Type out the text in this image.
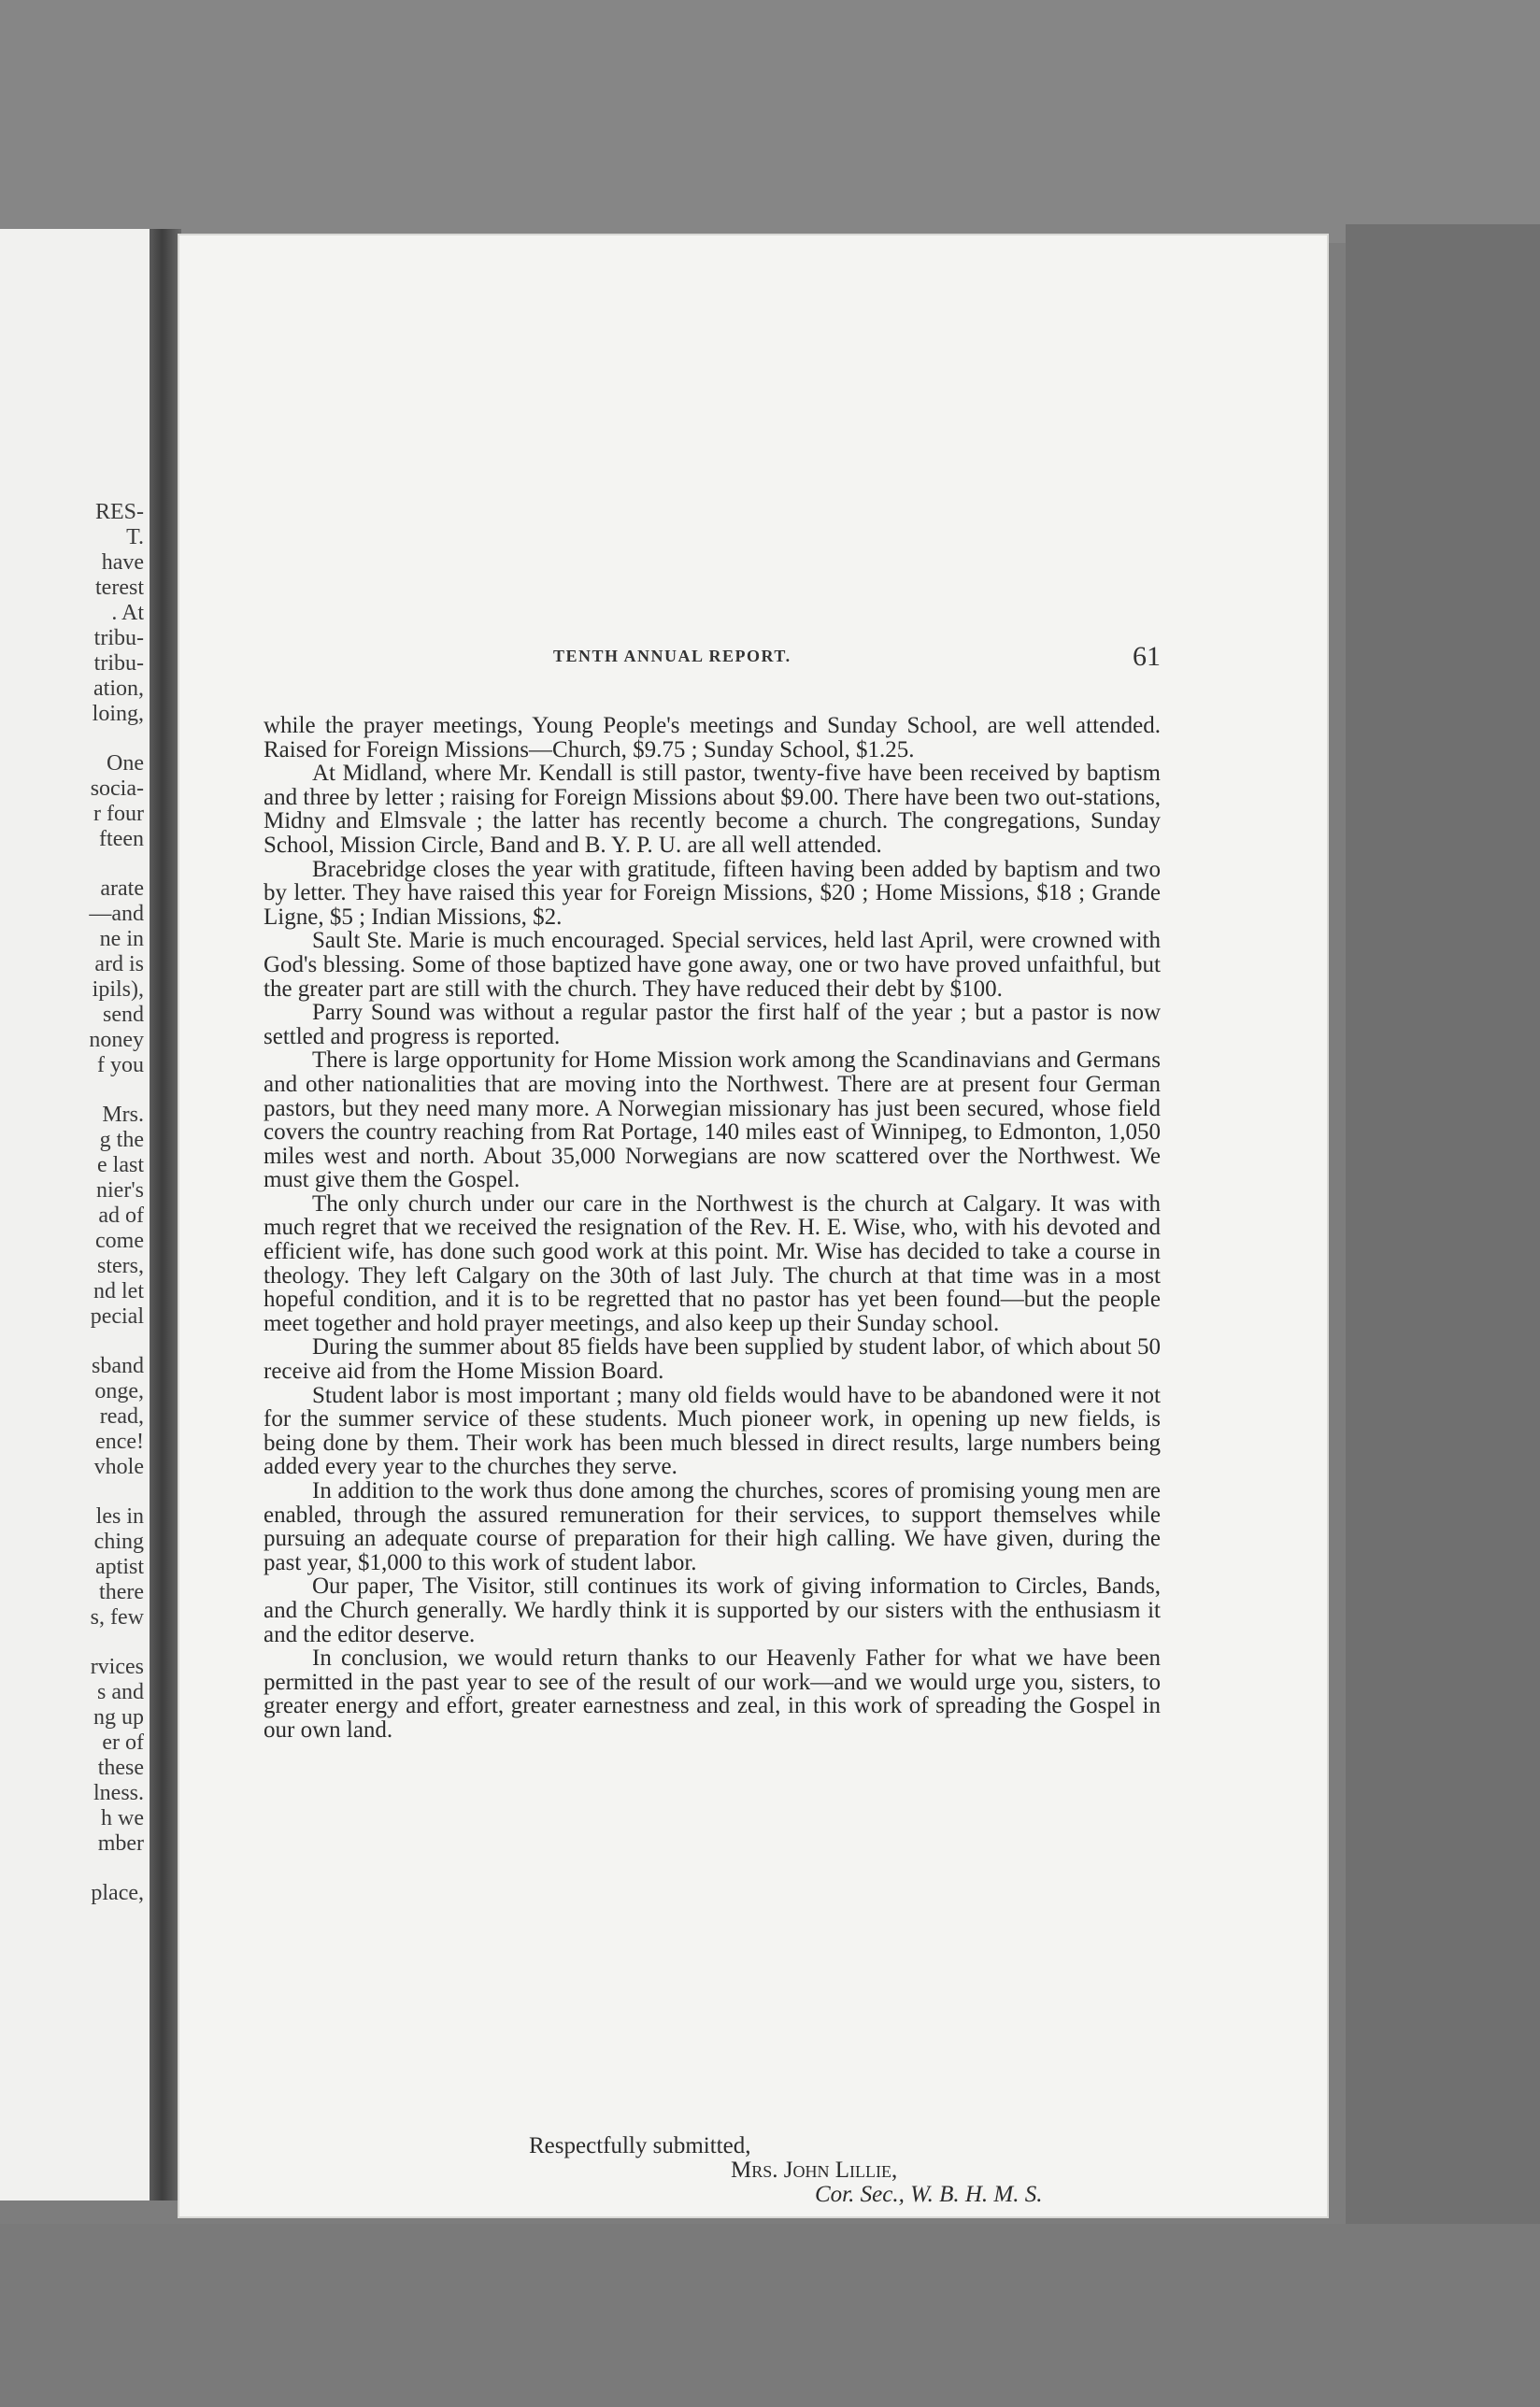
RES-
T.
have
terest
. At
tribu-
tribu-
ation,
loing,
One
socia-
r four
fteen
arate
—and
ne in
ard is
ipils),
send
noney
f you
Mrs.
g the
e last
nier's
ad of
come
sters,
nd let
pecial
sband
onge,
read,
ence!
vhole
les in
ching
aptist
there
s, few
rvices
s and
ng up
er of
these
lness.
h we
mber
place,
TENTH ANNUAL REPORT.	61

while the prayer meetings, Young People's meetings and Sunday School, are well attended. Raised for Foreign Missions—Church, $9.75 ; Sunday School, $1.25.

At Midland, where Mr. Kendall is still pastor, twenty-five have been received by baptism and three by letter ; raising for Foreign Missions about $9.00. There have been two out-stations, Midny and Elmsvale ; the latter has recently become a church. The congregations, Sunday School, Mission Circle, Band and B. Y. P. U. are all well attended.

Bracebridge closes the year with gratitude, fifteen having been added by baptism and two by letter. They have raised this year for Foreign Missions, $20 ; Home Missions, $18 ; Grande Ligne, $5 ; Indian Missions, $2.

Sault Ste. Marie is much encouraged. Special services, held last April, were crowned with God's blessing. Some of those baptized have gone away, one or two have proved unfaithful, but the greater part are still with the church. They have reduced their debt by $100.

Parry Sound was without a regular pastor the first half of the year ; but a pastor is now settled and progress is reported.

There is large opportunity for Home Mission work among the Scandinavians and Germans and other nationalities that are moving into the Northwest. There are at present four German pastors, but they need many more. A Norwegian missionary has just been secured, whose field covers the country reaching from Rat Portage, 140 miles east of Winnipeg, to Edmonton, 1,050 miles west and north. About 35,000 Norwegians are now scattered over the Northwest. We must give them the Gospel.

The only church under our care in the Northwest is the church at Calgary. It was with much regret that we received the resignation of the Rev. H. E. Wise, who, with his devoted and efficient wife, has done such good work at this point. Mr. Wise has decided to take a course in theology. They left Calgary on the 30th of last July. The church at that time was in a most hopeful condition, and it is to be regretted that no pastor has yet been found—but the people meet together and hold prayer meetings, and also keep up their Sunday school.

During the summer about 85 fields have been supplied by student labor, of which about 50 receive aid from the Home Mission Board.

Student labor is most important ; many old fields would have to be abandoned were it not for the summer service of these students. Much pioneer work, in opening up new fields, is being done by them. Their work has been much blessed in direct results, large numbers being added every year to the churches they serve.

In addition to the work thus done among the churches, scores of promising young men are enabled, through the assured remuneration for their services, to support themselves while pursuing an adequate course of preparation for their high calling. We have given, during the past year, $1,000 to this work of student labor.

Our paper, The Visitor, still continues its work of giving information to Circles, Bands, and the Church generally. We hardly think it is supported by our sisters with the enthusiasm it and the editor deserve.

In conclusion, we would return thanks to our Heavenly Father for what we have been permitted in the past year to see of the result of our work—and we would urge you, sisters, to greater energy and effort, greater earnestness and zeal, in this work of spreading the Gospel in our own land.

Respectfully submitted,
Mrs. John Lillie,
Cor. Sec., W. B. H. M. S.
